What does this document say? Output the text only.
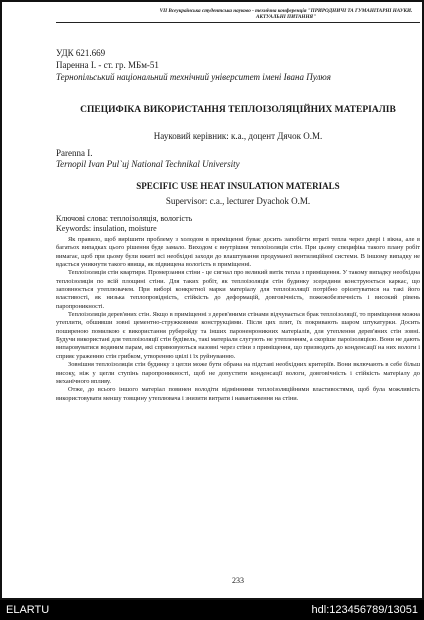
VII Всеукраїнська студентська науково - технічна конференція "ПРИРОДНИЧІ ТА ГУМАНІТАРНІ НАУКИ. АКТУАЛЬНІ ПИТАННЯ"
УДК 621.669
Паренна І. - ст. гр. МБм-51
Тернопільський національний технічний університет імені Івана Пулюя
СПЕЦИФІКА ВИКОРИСТАННЯ ТЕПЛОІЗОЛЯЦІЙНИХ МАТЕРІАЛІВ
Науковий керівник: к.а., доцент Дячок О.М.
Parenna I.
Ternopil Ivan Pul`uj National Technikal University
SPECIFIC USE HEAT INSULATION MATERIALS
Supervisor: c.a., lecturer Dyachok O.M.
Ключові слова: теплоізоляція, вологість
Keywords: insulation, moisture

Як правило, щоб вирішити проблему з холодом в приміщенні буває досить запобігти втраті тепла через двері і вікна, але в багатьох випадках цього рішення буде замало. Виходом є внутрішня теплоізоляція стін. При цьому специфіка такого плану робіт вимагає, щоб при цьому були вжиті всі необхідні заходи до влаштування продуманої вентиляційної системи. В іншому випадку не вдасться уникнути такого явища, як підвищена вологість в приміщенні.

Теплоізоляція стін квартири. Промерзання стіни - це сигнал про великий витік тепла з приміщення. У такому випадку необхідна теплоізоляція по всій площині стіни. Для таких робіт, як теплоізоляція стін будинку зсередини конструюється каркас, що заповнюється утеплювачем. При виборі конкретної марки матеріалу для теплоізоляції потрібно орієнтуватися на такі його властивості, як низька теплопровідність, стійкість до деформацій, довговічність, пожежобезпечність і високий рівень паропроникності.

Теплоізоляція дерев'яних стін. Якщо в приміщенні з дерев'яними стінами відчувається брак теплоізоляції, то приміщення можна утеплити, обшивши зовні цементно-стружковими конструкціями. Після цих плит, їх покривають шаром штукатурки. Досить поширеною помилкою є використання руберойду та інших пароненроникних матеріалів, для утеплення дерев'яних стін зовні. Будучи використані для теплоізоляції стін будівель, такі матеріали слугують не утепленням, а скоріше пароізоляцією. Вони не дають випаровуватися водяним парам, які спрямовуються назовні через стіни з приміщення, що призводить до конденсації на них вологи і сприяє ураженню стін грибком, утворенню цвілі і їх руйнуванню.

Зовнішня теплоізоляція стін будинку з цегли може бути обрана на підставі необхідних критеріїв. Вони включають в себе більш високу, ніж у цегли ступінь паропроникності, щоб не допустити конденсації вологи, довговічність і стійкість матеріалу до механічного впливу.

Отже, до всього іншого матеріал повинен володіти відмінними теплоізоляційними властивостями, щоб була можливість використовувати меншу товщину утеплювача і знизити витрати і навантаження на стіни.

233
ELARTU	hdl:123456789/13051
